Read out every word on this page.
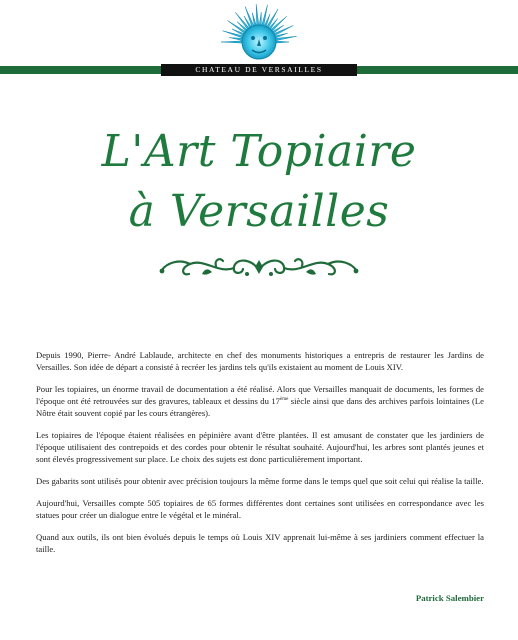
CHATEAU DE VERSAILLES
L'Art Topiaire
à Versailles

Depuis 1990, Pierre- André Lablaude, architecte en chef des monuments historiques a entrepris de restaurer les Jardins de Versailles. Son idée de départ a consisté à recréer les jardins tels qu'ils existaient au moment de Louis XIV.

Pour les topiaires, un énorme travail de documentation a été réalisé. Alors que Versailles manquait de documents, les formes de l'époque ont été retrouvées sur des gravures, tableaux et dessins du 17ème siècle ainsi que dans des archives parfois lointaines (Le Nôtre était souvent copié par les cours étrangères).

Les topiaires de l'époque étaient réalisées en pépinière avant d'être plantées. Il est amusant de constater que les jardiniers de l'époque utilisaient des contrepoids et des cordes pour obtenir le résultat souhaité. Aujourd'hui, les arbres sont plantés jeunes et sont élevés progressivement sur place. Le choix des sujets est donc particulièrement important.

Des gabarits sont utilisés pour obtenir avec précision toujours la même forme dans le temps quel que soit celui qui réalise la taille.

Aujourd'hui, Versailles compte 505 topiaires de 65 formes différentes dont certaines sont utilisées en correspondance avec les statues pour créer un dialogue entre le végétal et le minéral.

Quand aux outils, ils ont bien évolués depuis le temps où Louis XIV apprenait lui-même à ses jardiniers comment effectuer la taille.

Patrick Salembier
